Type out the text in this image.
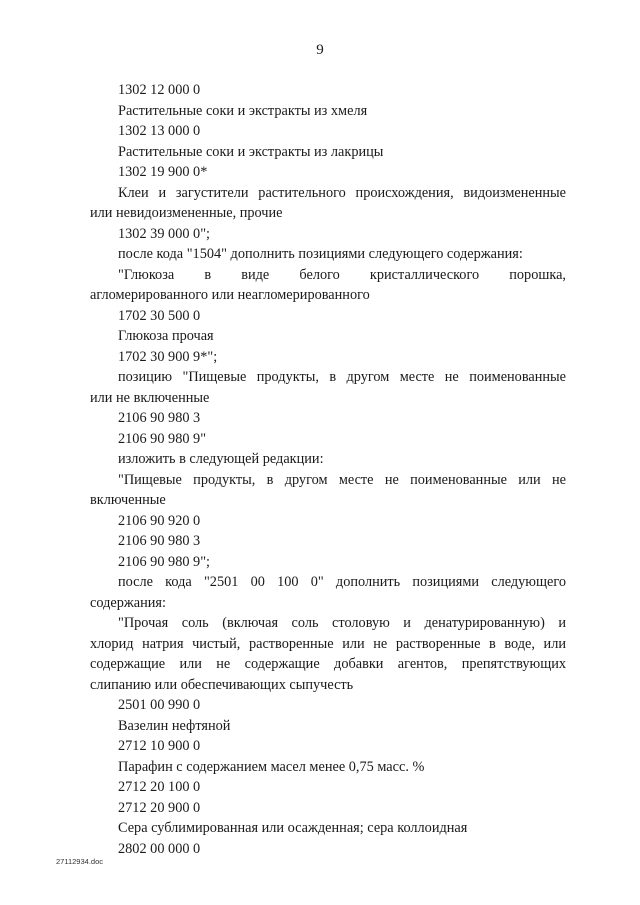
9

1302 12 000 0

Растительные соки и экстракты из хмеля

1302 13 000 0

Растительные соки и экстракты из лакрицы

1302 19 900 0*

Клеи и загустители растительного происхождения, видоизмененные

или невидоизмененные, прочие

1302 39 000 0";

после кода "1504" дополнить позициями следующего содержания:

"Глюкоза в виде белого кристаллического порошка,

агломерированного или неагломерированного

1702 30 500 0

Глюкоза прочая

1702 30 900 9*";

позицию "Пищевые продукты, в другом месте не поименованные

или не включенные

2106 90 980 3

2106 90 980 9"

изложить в следующей редакции:

"Пищевые продукты, в другом месте не поименованные или не

включенные

2106 90 920 0

2106 90 980 3

2106 90 980 9";

после кода "2501 00 100 0" дополнить позициями следующего

содержания:

"Прочая соль (включая соль столовую и денатурированную) и

хлорид натрия чистый, растворенные или не растворенные в воде, или

содержащие или не содержащие добавки агентов, препятствующих

слипанию или обеспечивающих сыпучесть

2501 00 990 0

Вазелин нефтяной

2712 10 900 0

Парафин с содержанием масел менее 0,75 масс. %

2712 20 100 0

2712 20 900 0

Сера сублимированная или осажденная; сера коллоидная

2802 00 000 0

27112934.doc
